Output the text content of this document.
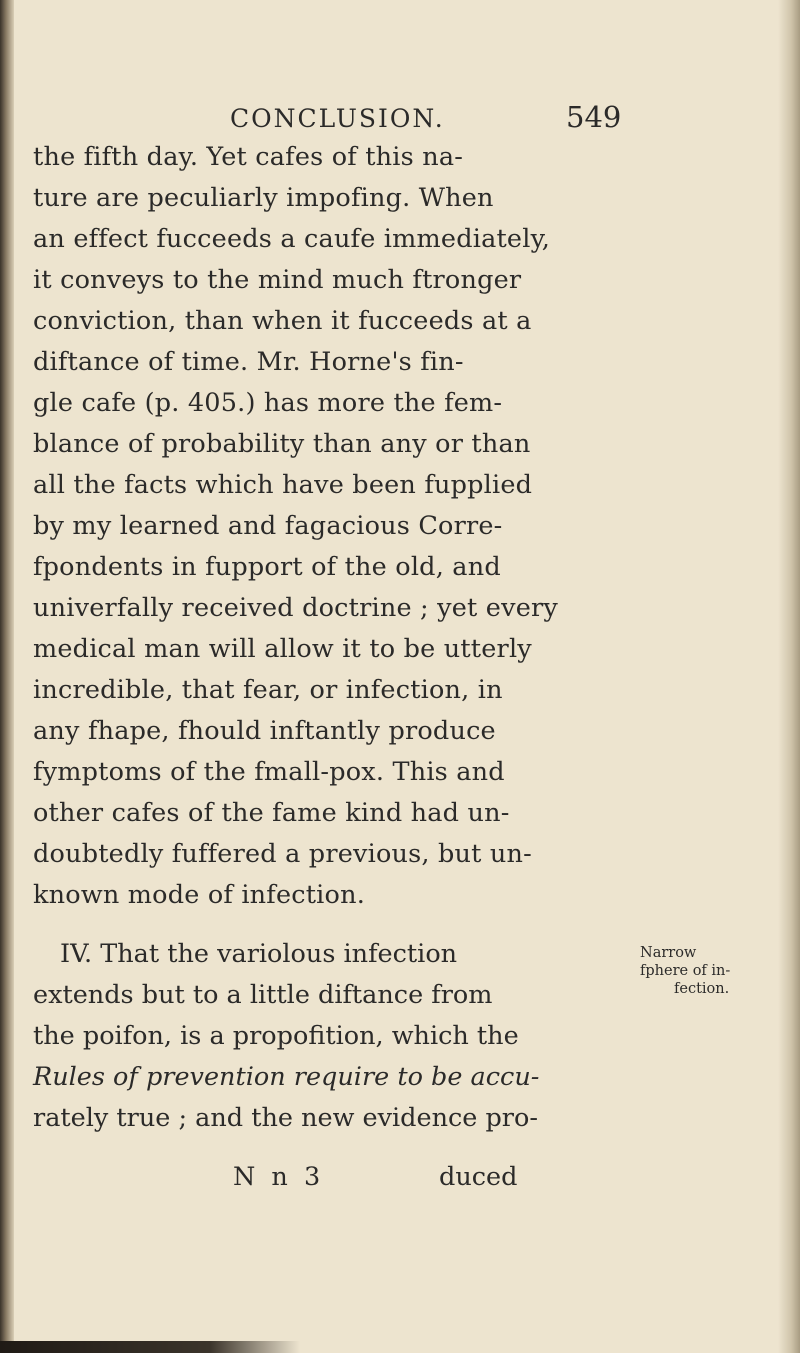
CONCLUSION.	549
the fifth day. Yet cafes of this na-
ture are peculiarly impofing. When
an effect fucceeds a caufe immediately,
it conveys to the mind much ftronger
conviction, than when it fucceeds at a
diftance of time. Mr. Horne's fin-
gle cafe (p. 405.) has more the fem-
blance of probability than any or than
all the facts which have been fupplied
by my learned and fagacious Corre-
fpondents in fupport of the old, and
univerfally received doctrine ; yet every
medical man will allow it to be utterly
incredible, that fear, or infection, in
any fhape, fhould inftantly produce
fymptoms of the fmall-pox. This and
other cafes of the fame kind had un-
doubtedly fuffered a previous, but un-
known mode of infection.
IV. That the variolous infection
extends but to a little diftance from
the poifon, is a propofition, which the
Rules of prevention require to be accu-
rately true ; and the new evidence pro-
Narrow
fphere of in-
fection.
N n 3	duced
